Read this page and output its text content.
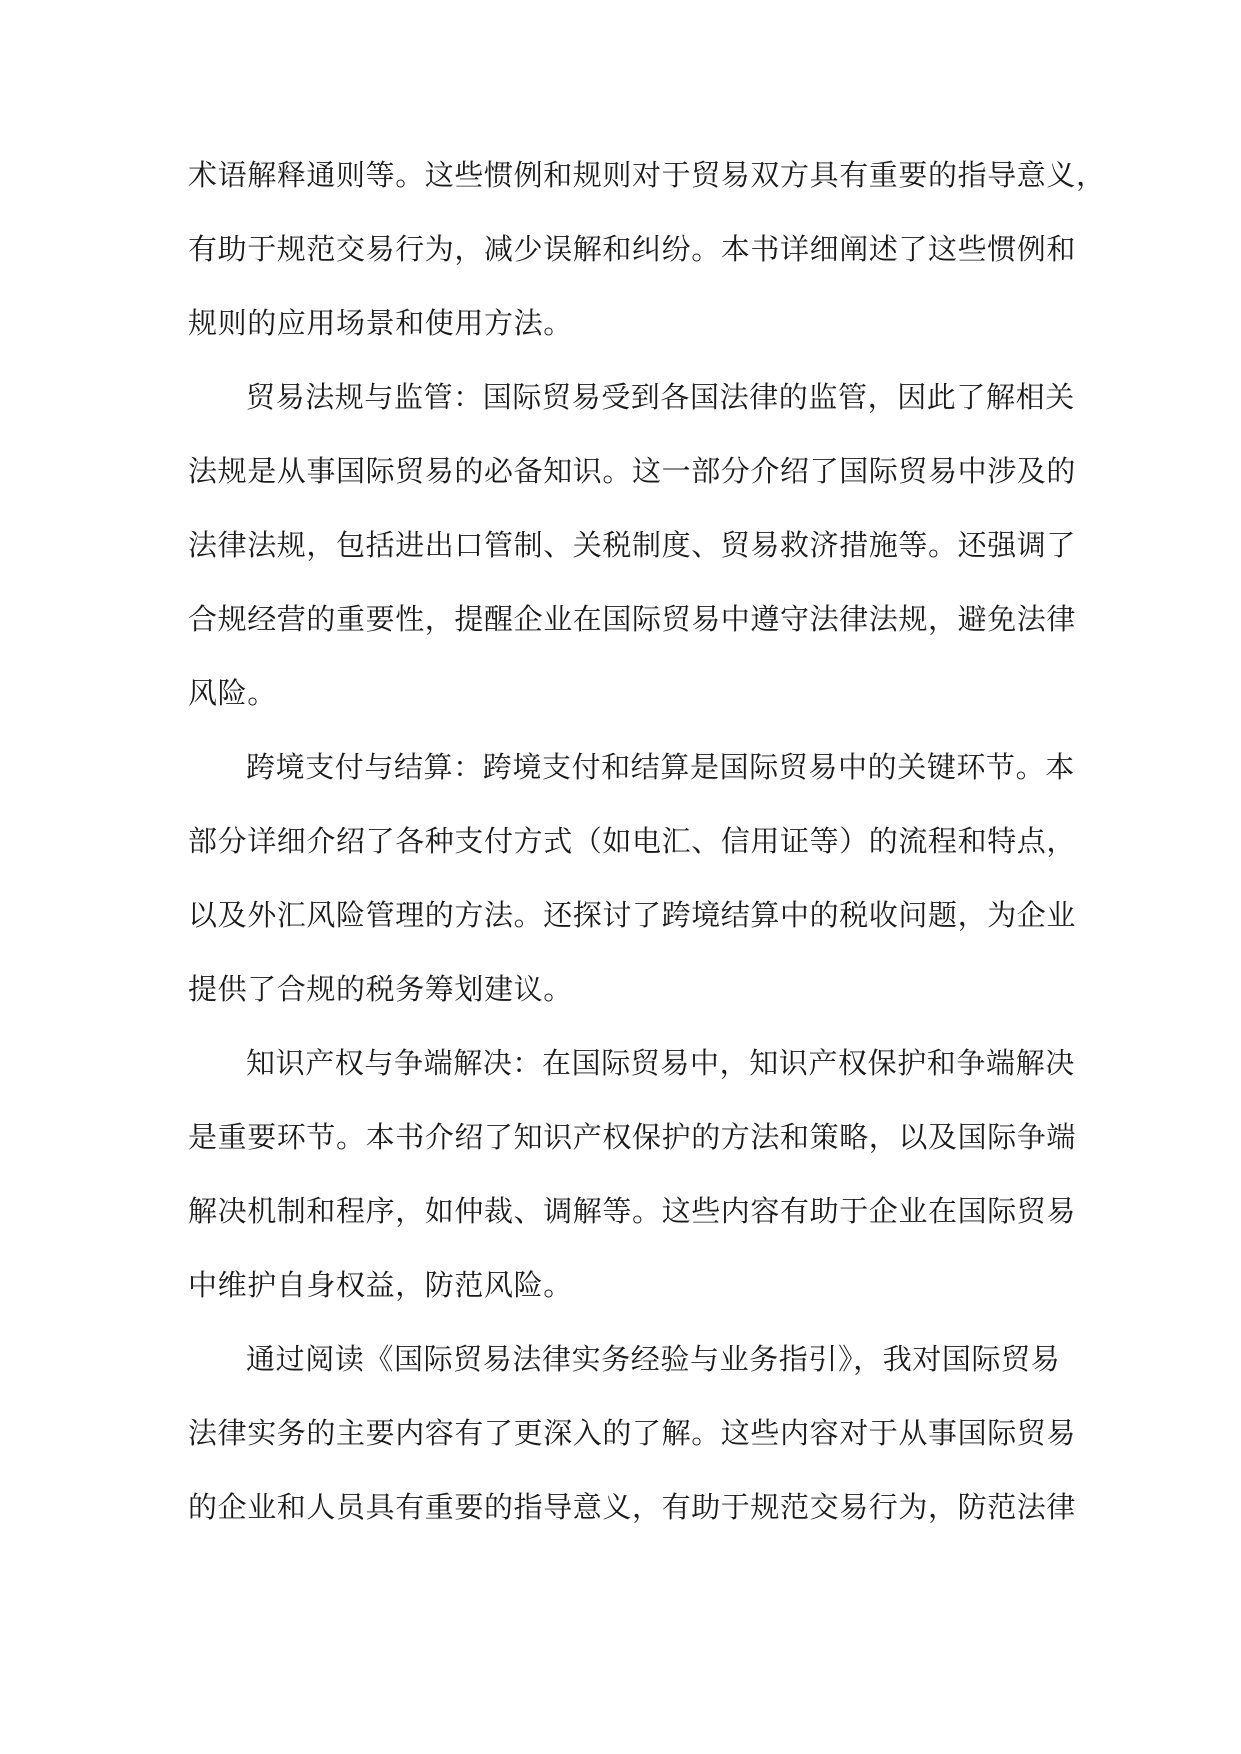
术语解释通则等。这些惯例和规则对于贸易双方具有重要的指导意义，
有助于规范交易行为，减少误解和纠纷。本书详细阐述了这些惯例和
规则的应用场景和使用方法。
贸易法规与监管：国际贸易受到各国法律的监管，因此了解相关
法规是从事国际贸易的必备知识。这一部分介绍了国际贸易中涉及的
法律法规，包括进出口管制、关税制度、贸易救济措施等。还强调了
合规经营的重要性，提醒企业在国际贸易中遵守法律法规，避免法律
风险。
跨境支付与结算：跨境支付和结算是国际贸易中的关键环节。本
部分详细介绍了各种支付方式（如电汇、信用证等）的流程和特点，
以及外汇风险管理的方法。还探讨了跨境结算中的税收问题，为企业
提供了合规的税务筹划建议。
知识产权与争端解决：在国际贸易中，知识产权保护和争端解决
是重要环节。本书介绍了知识产权保护的方法和策略，以及国际争端
解决机制和程序，如仲裁、调解等。这些内容有助于企业在国际贸易
中维护自身权益，防范风险。
通过阅读《国际贸易法律实务经验与业务指引》，我对国际贸易
法律实务的主要内容有了更深入的了解。这些内容对于从事国际贸易
的企业和人员具有重要的指导意义，有助于规范交易行为，防范法律
